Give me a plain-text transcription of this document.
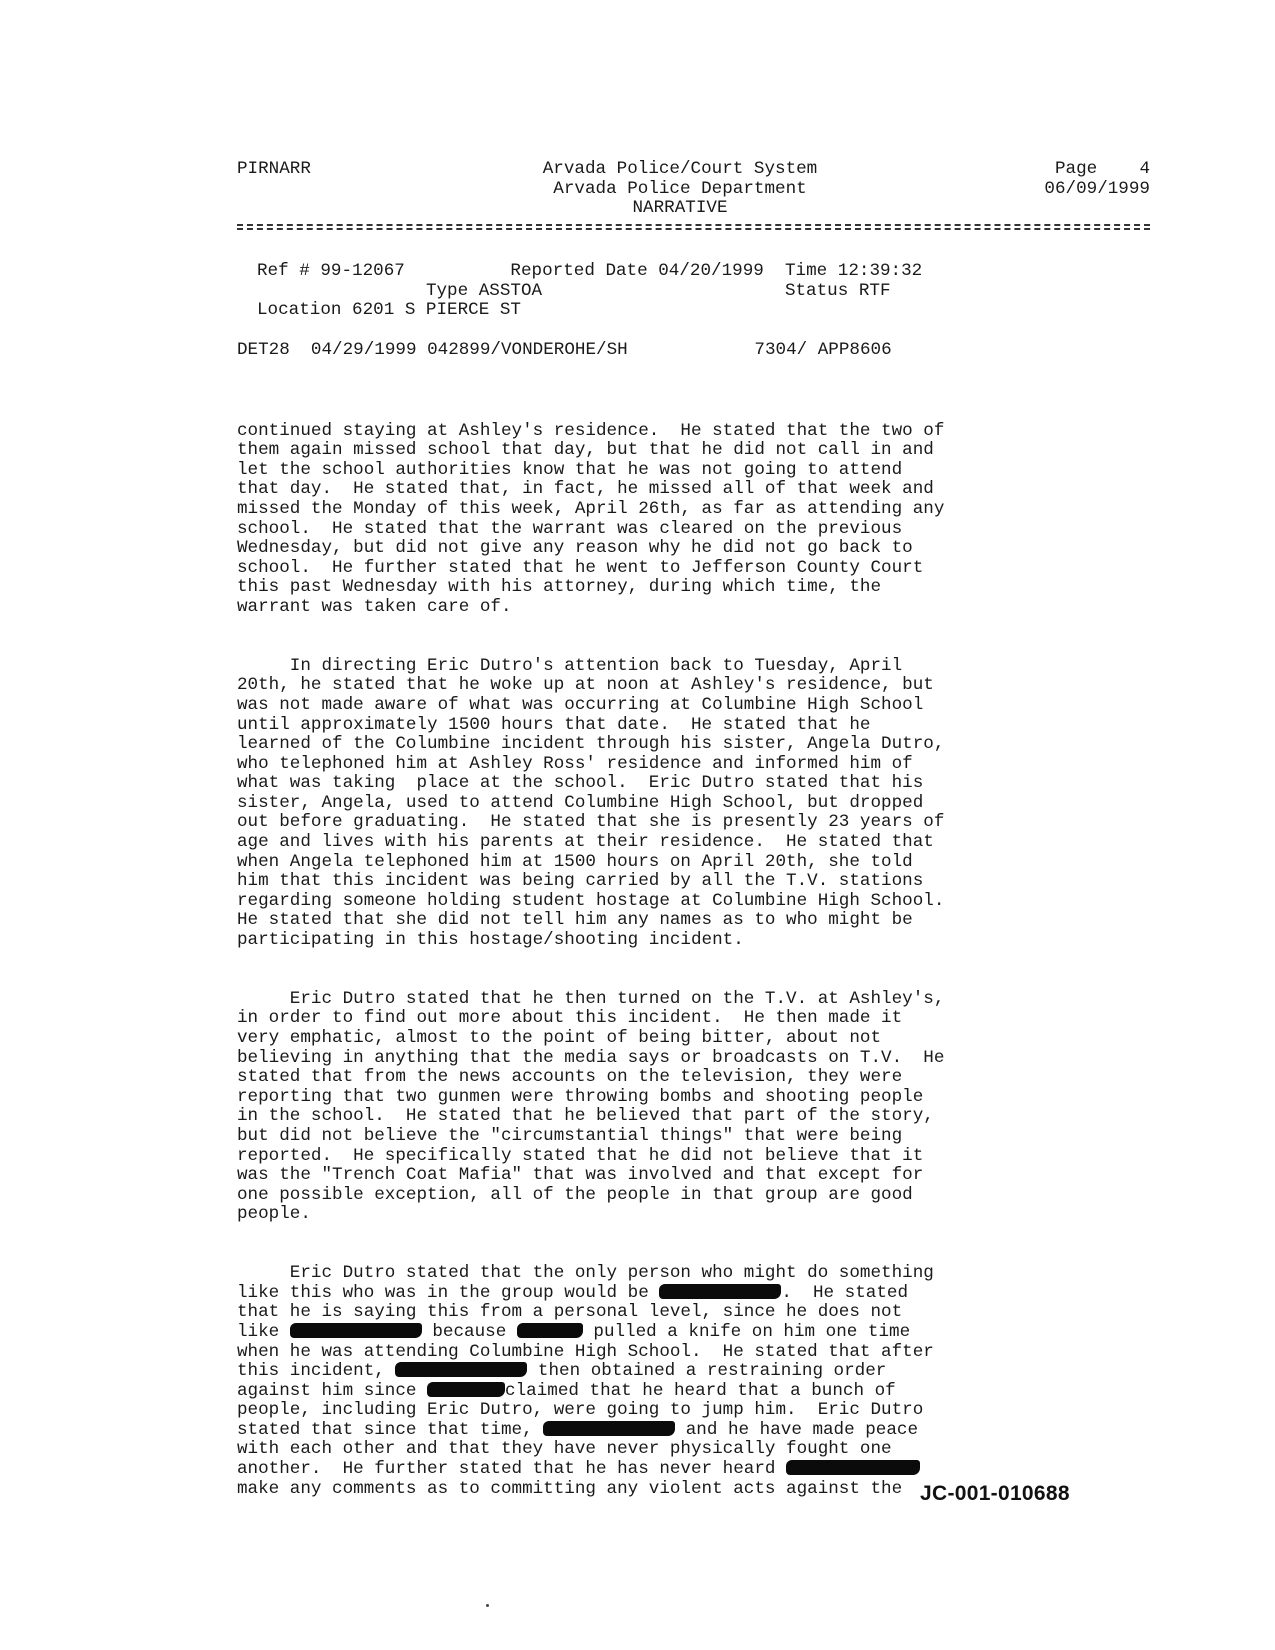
PIRNARR	Arvada Police/Court System
Arvada Police Department
NARRATIVE
Page 4
06/09/1999
Ref # 99-12067	Reported Date 04/20/1999 Time 12:39:32
Type ASSTOA	Status RTF
Location 6201 S PIERCE ST
DET28 04/29/1999 042899/VONDEROHE/SH	7304/ APP8606

continued staying at Ashley's residence.  He stated that the two of
them again missed school that day, but that he did not call in and
let the school authorities know that he was not going to attend
that day.  He stated that, in fact, he missed all of that week and
missed the Monday of this week, April 26th, as far as attending any
school.  He stated that the warrant was cleared on the previous
Wednesday, but did not give any reason why he did not go back to
school.  He further stated that he went to Jefferson County Court
this past Wednesday with his attorney, during which time, the
warrant was taken care of.

In directing Eric Dutro's attention back to Tuesday, April
20th, he stated that he woke up at noon at Ashley's residence, but
was not made aware of what was occurring at Columbine High School
until approximately 1500 hours that date.  He stated that he
learned of the Columbine incident through his sister, Angela Dutro,
who telephoned him at Ashley Ross' residence and informed him of
what was taking  place at the school.  Eric Dutro stated that his
sister, Angela, used to attend Columbine High School, but dropped
out before graduating.  He stated that she is presently 23 years of
age and lives with his parents at their residence.  He stated that
when Angela telephoned him at 1500 hours on April 20th, she told
him that this incident was being carried by all the T.V. stations
regarding someone holding student hostage at Columbine High School.
He stated that she did not tell him any names as to who might be
participating in this hostage/shooting incident.

Eric Dutro stated that he then turned on the T.V. at Ashley's,
in order to find out more about this incident.  He then made it
very emphatic, almost to the point of being bitter, about not
believing in anything that the media says or broadcasts on T.V.  He
stated that from the news accounts on the television, they were
reporting that two gunmen were throwing bombs and shooting people
in the school.  He stated that he believed that part of the story,
but did not believe the "circumstantial things" that were being
reported.  He specifically stated that he did not believe that it
was the "Trench Coat Mafia" that was involved and that except for
one possible exception, all of the people in that group are good
people.

Eric Dutro stated that the only person who might do something
like this who was in the group would be	.  He stated
that he is saying this from a personal level, since he does not
like	because	pulled a knife on him one time
when he was attending Columbine High School.  He stated that after
this incident,	then obtained a restraining order
against him since	claimed that he heard that a bunch of
people, including Eric Dutro, were going to jump him.  Eric Dutro
stated that since that time,	and he have made peace
with each other and that they have never physically fought one
another.  He further stated that he has never heard
make any comments as to committing any violent acts against the JC-001-010688
